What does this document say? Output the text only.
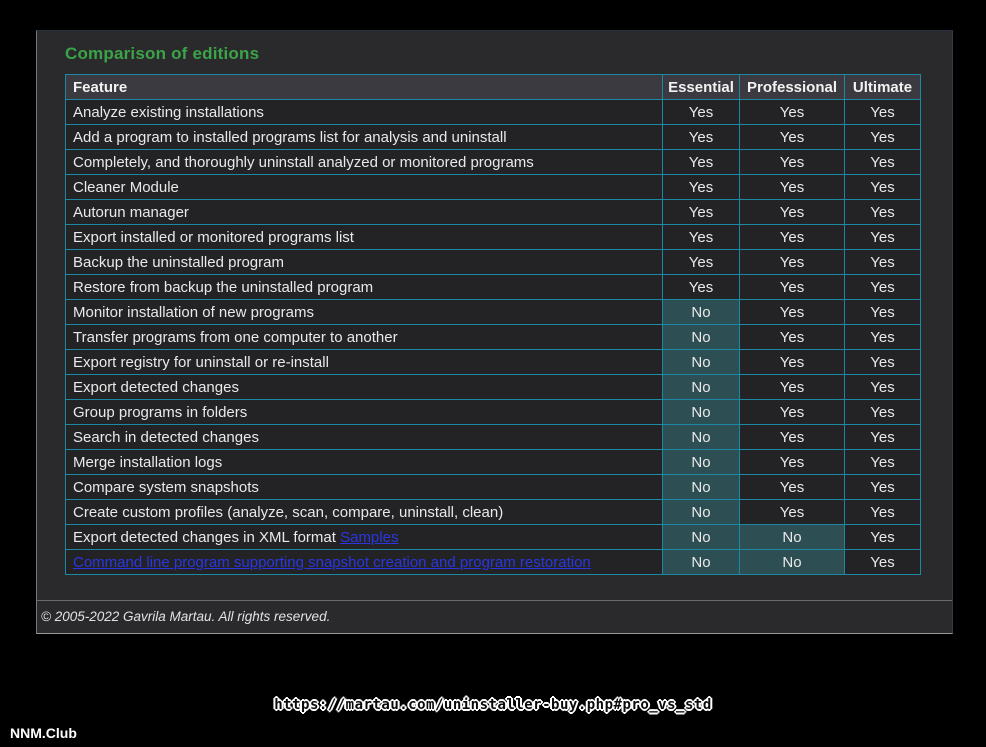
Comparison of editions
Feature	Essential	Professional	Ultimate
Analyze existing installations	Yes	Yes	Yes
Add a program to installed programs list for analysis and uninstall	Yes	Yes	Yes
Completely, and thoroughly uninstall analyzed or monitored programs	Yes	Yes	Yes
Cleaner Module	Yes	Yes	Yes
Autorun manager	Yes	Yes	Yes
Export installed or monitored programs list	Yes	Yes	Yes
Backup the uninstalled program	Yes	Yes	Yes
Restore from backup the uninstalled program	Yes	Yes	Yes
Monitor installation of new programs	No	Yes	Yes
Transfer programs from one computer to another	No	Yes	Yes
Export registry for uninstall or re-install	No	Yes	Yes
Export detected changes	No	Yes	Yes
Group programs in folders	No	Yes	Yes
Search in detected changes	No	Yes	Yes
Merge installation logs	No	Yes	Yes
Compare system snapshots	No	Yes	Yes
Create custom profiles (analyze, scan, compare, uninstall, clean)	No	Yes	Yes
Export detected changes in XML format Samples	No	No	Yes
Command line program supporting snapshot creation and program restoration	No	No	Yes
© 2005-2022 Gavrila Martau. All rights reserved.
https://martau.com/uninstaller-buy.php#pro_vs_std
NNM.Club
